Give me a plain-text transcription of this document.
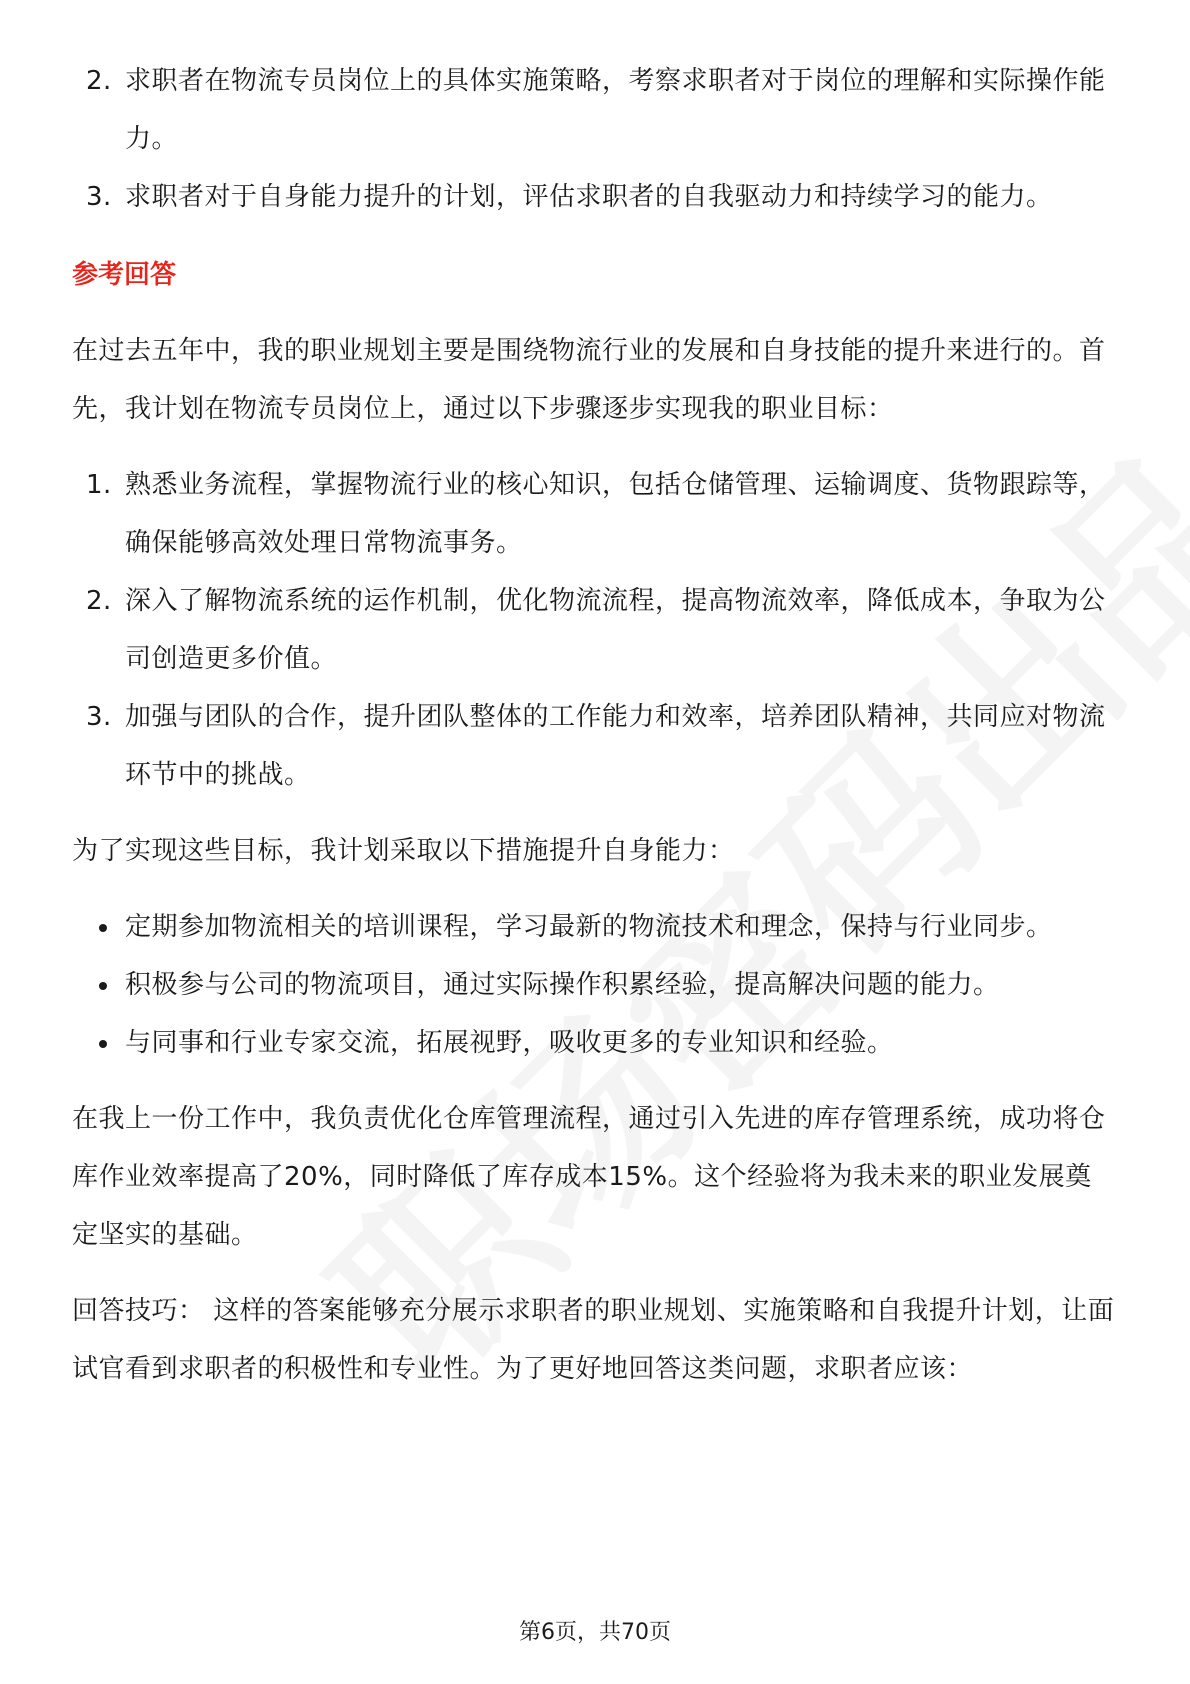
2. 求职者在物流专员岗位上的具体实施策略，考察求职者对于岗位的理解和实际操作能力。
3. 求职者对于自身能力提升的计划，评估求职者的自我驱动力和持续学习的能力。
参考回答
在过去五年中，我的职业规划主要是围绕物流行业的发展和自身技能的提升来进行的。首先，我计划在物流专员岗位上，通过以下步骤逐步实现我的职业目标：
1. 熟悉业务流程，掌握物流行业的核心知识，包括仓储管理、运输调度、货物跟踪等，确保能够高效处理日常物流事务。
2. 深入了解物流系统的运作机制，优化物流流程，提高物流效率，降低成本，争取为公司创造更多价值。
3. 加强与团队的合作，提升团队整体的工作能力和效率，培养团队精神，共同应对物流环节中的挑战。
为了实现这些目标，我计划采取以下措施提升自身能力：
定期参加物流相关的培训课程，学习最新的物流技术和理念，保持与行业同步。
积极参与公司的物流项目，通过实际操作积累经验，提高解决问题的能力。
与同事和行业专家交流，拓展视野，吸收更多的专业知识和经验。
在我上一份工作中，我负责优化仓库管理流程，通过引入先进的库存管理系统，成功将仓库作业效率提高了20%，同时降低了库存成本15%。这个经验将为我未来的职业发展奠定坚实的基础。
回答技巧： 这样的答案能够充分展示求职者的职业规划、实施策略和自我提升计划，让面试官看到求职者的积极性和专业性。为了更好地回答这类问题，求职者应该：
第6页，共70页
